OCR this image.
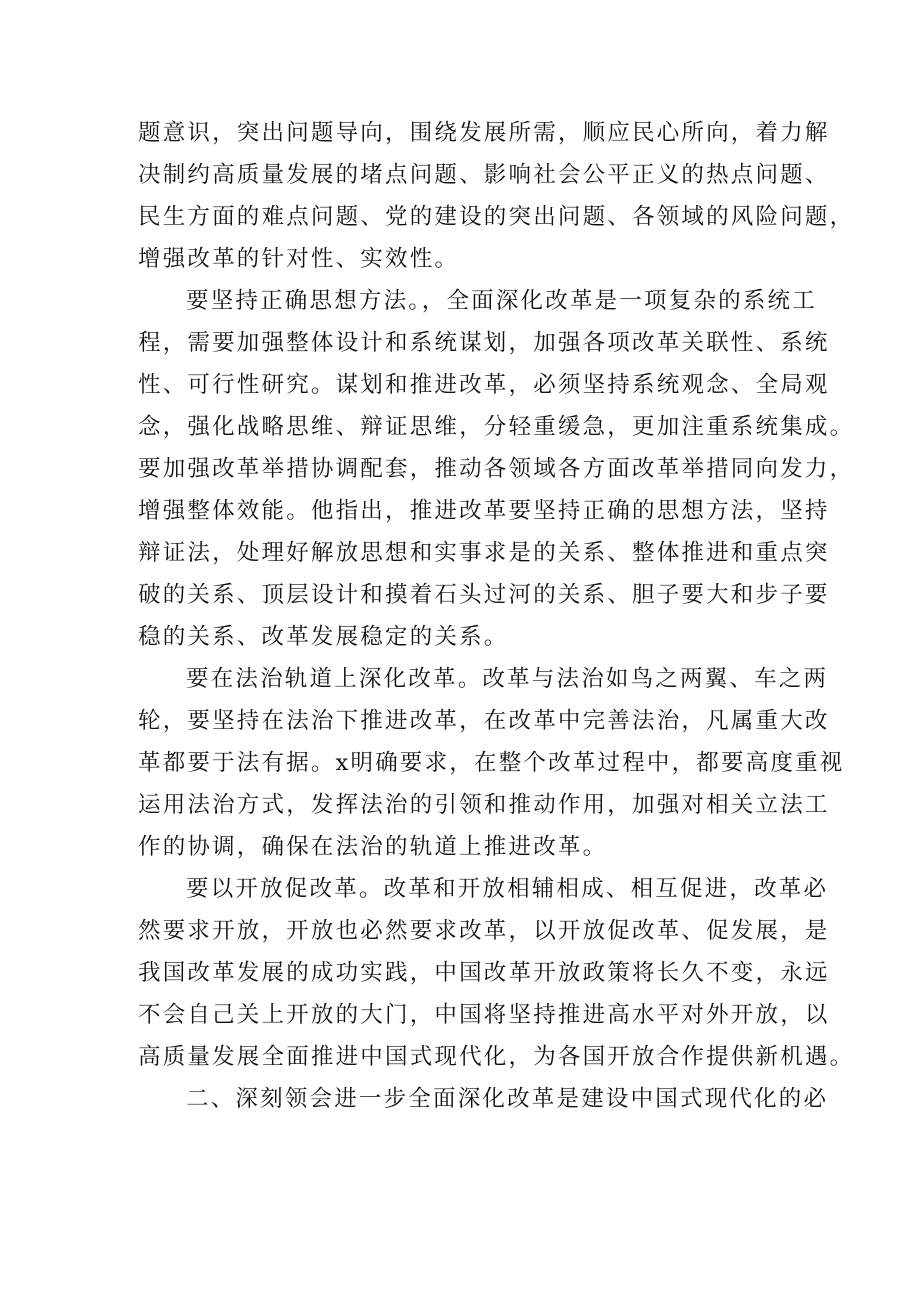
题意识，突出问题导向，围绕发展所需，顺应民心所向，着力解
决制约高质量发展的堵点问题、影响社会公平正义的热点问题、
民生方面的难点问题、党的建设的突出问题、各领域的风险问题，
增强改革的针对性、实效性。
要坚持正确思想方法。，全面深化改革是一项复杂的系统工
程，需要加强整体设计和系统谋划，加强各项改革关联性、系统
性、可行性研究。谋划和推进改革，必须坚持系统观念、全局观
念，强化战略思维、辩证思维，分轻重缓急，更加注重系统集成。
要加强改革举措协调配套，推动各领域各方面改革举措同向发力，
增强整体效能。他指出，推进改革要坚持正确的思想方法，坚持
辩证法，处理好解放思想和实事求是的关系、整体推进和重点突
破的关系、顶层设计和摸着石头过河的关系、胆子要大和步子要
稳的关系、改革发展稳定的关系。
要在法治轨道上深化改革。改革与法治如鸟之两翼、车之两
轮，要坚持在法治下推进改革，在改革中完善法治，凡属重大改
革都要于法有据。x明确要求，在整个改革过程中，都要高度重视
运用法治方式，发挥法治的引领和推动作用，加强对相关立法工
作的协调，确保在法治的轨道上推进改革。
要以开放促改革。改革和开放相辅相成、相互促进，改革必
然要求开放，开放也必然要求改革，以开放促改革、促发展，是
我国改革发展的成功实践，中国改革开放政策将长久不变，永远
不会自己关上开放的大门，中国将坚持推进高水平对外开放，以
高质量发展全面推进中国式现代化，为各国开放合作提供新机遇。
二、深刻领会进一步全面深化改革是建设中国式现代化的必
